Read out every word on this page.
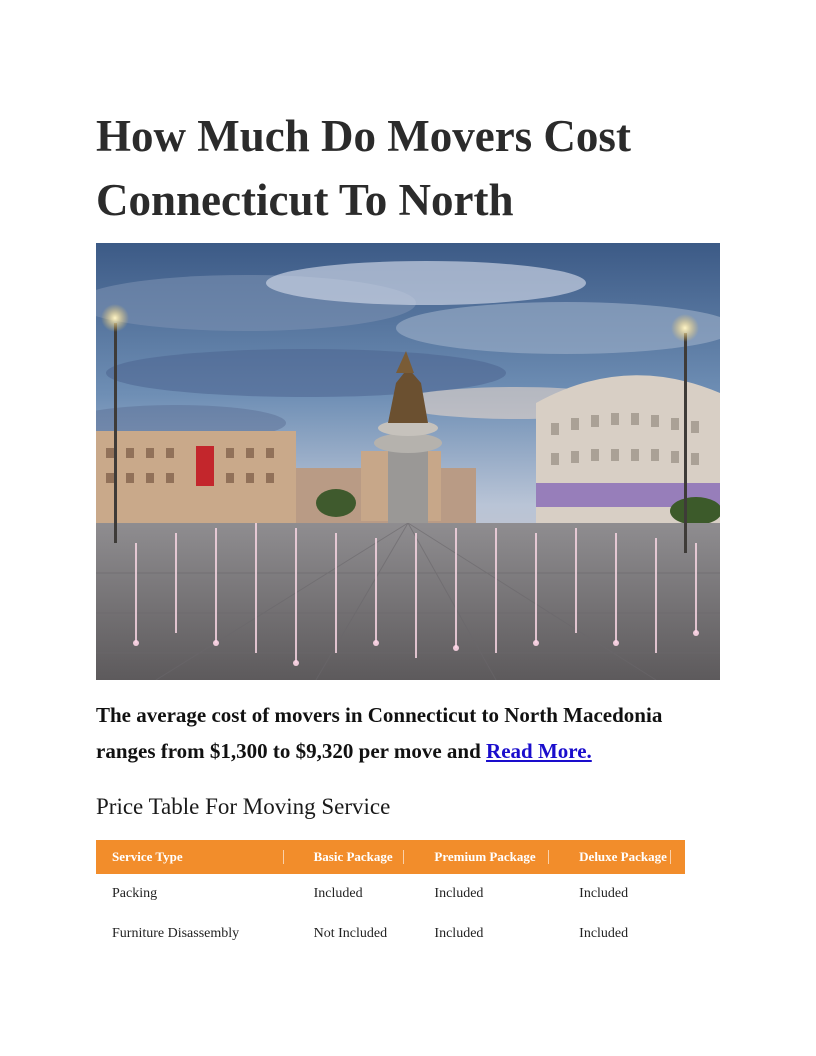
How Much Do Movers Cost Connecticut To North

The average cost of movers in Connecticut to North Macedonia ranges from $1,300 to $9,320 per move and Read More.

Price Table For Moving Service
Service Type	Basic Package	Premium Package	Deluxe Package

Packing	Included	Included	Included
Furniture Disassembly	Not Included	Included	Included
